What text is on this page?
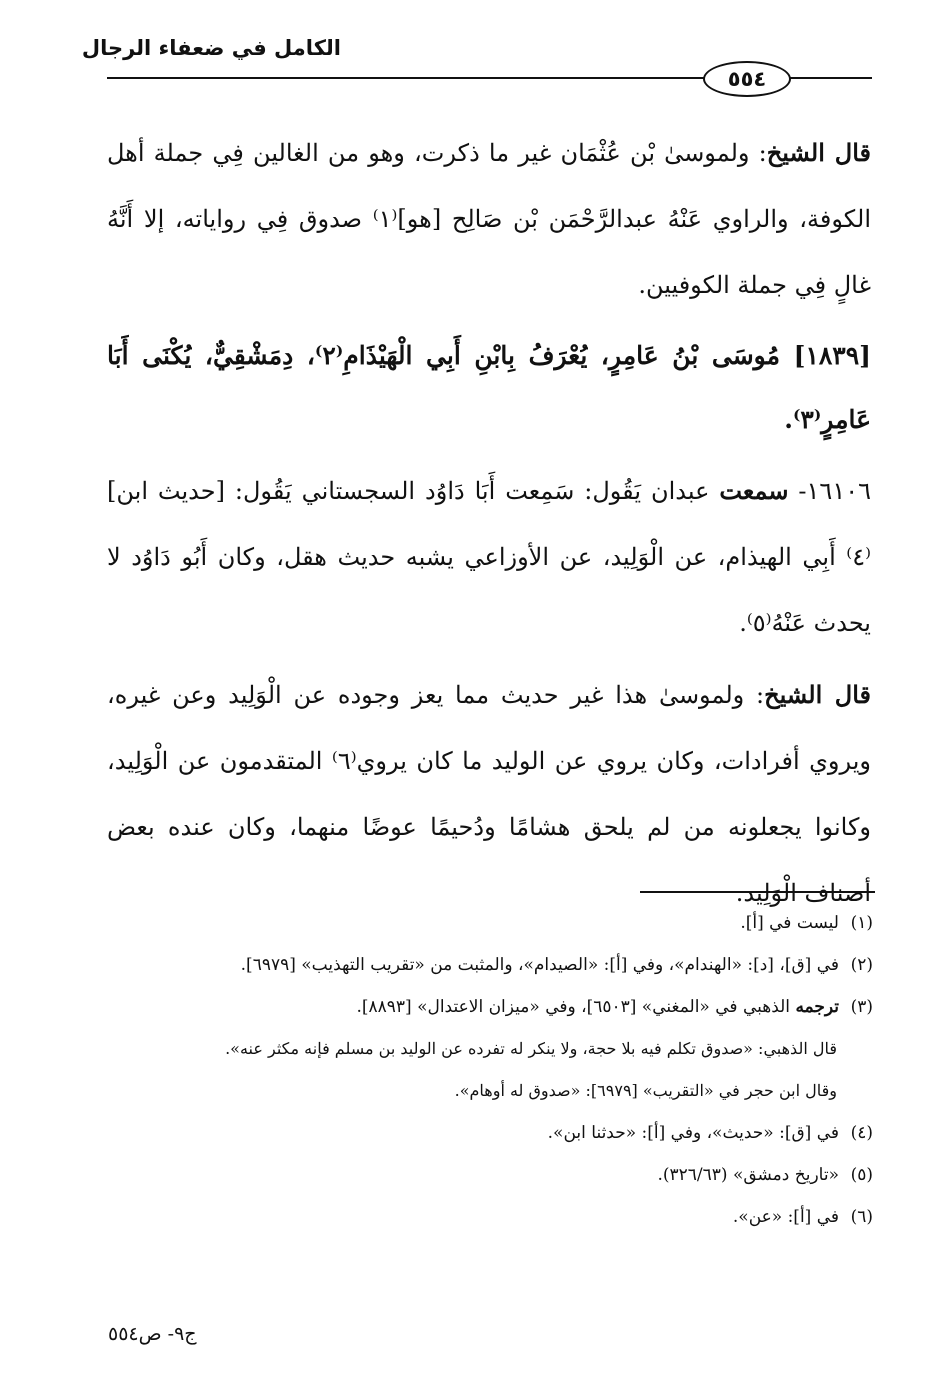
الكامل في ضعفاء الرجال
٥٥٤

قال الشيخ: ولموسىٰ بْن عُثْمَان غير ما ذكرت، وهو من الغالين فِي جملة أهل الكوفة، والراوي عَنْهُ عبدالرَّحْمَن بْن صَالِح [هو]⁽١⁾ صدوق فِي رواياته، إلا أَنَّهُ غالٍ فِي جملة الكوفيين.

[١٨٣٩] مُوسَى بْنُ عَامِرٍ، يُعْرَفُ بِابْنِ أَبِي الْهَيْذَامِ⁽٢⁾، دِمَشْقِيٌّ، يُكْنَى أَبَا عَامِرٍ⁽٣⁾.

١٦١٠٦- سمعت عبدان يَقُول: سَمِعت أَبَا دَاوُد السجستاني يَقُول: [حديث ابن]⁽٤⁾ أَبِي الهيذام، عن الْوَلِيد، عن الأوزاعي يشبه حديث هقل، وكان أَبُو دَاوُد لا يحدث عَنْهُ⁽٥⁾.

قال الشيخ: ولموسىٰ هذا غير حديث مما يعز وجوده عن الْوَلِيد وعن غيره، ويروي أفرادات، وكان يروي عن الوليد ما كان يروي⁽٦⁾ المتقدمون عن الْوَلِيد، وكانوا يجعلونه من لم يلحق هشامًا ودُحيمًا عوضًا منهما، وكان عنده بعض أصناف الْوَلِيد.

(١)ليست في [أ].

(٢)في [ق]، [د]: «الهندام»، وفي [أ]: «الصيدام»، والمثبت من «تقريب التهذيب» [٦٩٧٩].

(٣)ترجمه الذهبي في «المغني» [٦٥٠٣]، وفي «ميزان الاعتدال» [٨٨٩٣].

قال الذهبي: «صدوق تكلم فيه بلا حجة، ولا ينكر له تفرده عن الوليد بن مسلم فإنه مكثر عنه».

وقال ابن حجر في «التقريب» [٦٩٧٩]: «صدوق له أوهام».

(٤)في [ق]: «حديث»، وفي [أ]: «حدثنا ابن».

(٥)«تاريخ دمشق» (٣٢٦/٦٣).

(٦)في [أ]: «عن».

ج٩- ص٥٥٤
